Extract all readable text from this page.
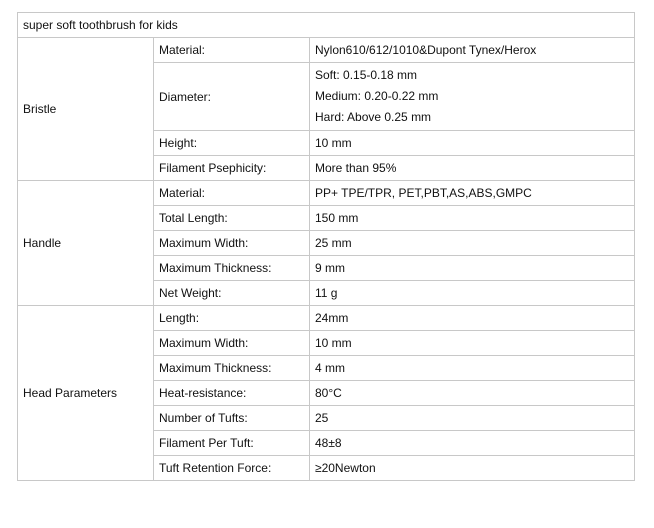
super soft toothbrush for kids		
Bristle	Material:	Nylon610/612/1010&Dupont Tynex/Herox
	Diameter:	Soft: 0.15-0.18 mm
Medium: 0.20-0.22 mm
Hard: Above 0.25 mm

	Height:	10 mm
	Filament Psephicity:	More than 95%
Handle	Material:	PP+ TPE/TPR, PET,PBT,AS,ABS,GMPC
	Total Length:	150 mm
	Maximum Width:	25 mm
	Maximum Thickness:	9 mm
	Net Weight:	11 g
Head Parameters	Length:	24mm
	Maximum Width:	10 mm
	Maximum Thickness:	4 mm
	Heat-resistance:	80°C
	Number of Tufts:	25
	Filament Per Tuft:	48±8
	Tuft Retention Force:	≥20Newton
